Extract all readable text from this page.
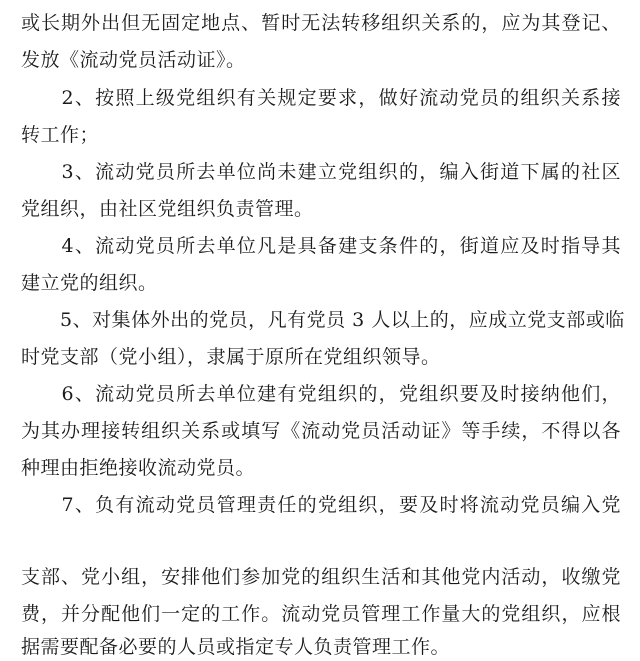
或长期外出但无固定地点、暂时无法转移组织关系的，应为其登记、
发放《流动党员活动证》。
　　2、按照上级党组织有关规定要求，做好流动党员的组织关系接
转工作；
　　3、流动党员所去单位尚未建立党组织的，编入街道下属的社区
党组织，由社区党组织负责管理。
　　4、流动党员所去单位凡是具备建支条件的，街道应及时指导其
建立党的组织。
　　5、对集体外出的党员，凡有党员 3 人以上的，应成立党支部或临
时党支部（党小组），隶属于原所在党组织领导。
　　6、流动党员所去单位建有党组织的，党组织要及时接纳他们，
为其办理接转组织关系或填写《流动党员活动证》等手续，不得以各
种理由拒绝接收流动党员。
　　7、负有流动党员管理责任的党组织，要及时将流动党员编入党
支部、党小组，安排他们参加党的组织生活和其他党内活动，收缴党
费，并分配他们一定的工作。流动党员管理工作量大的党组织，应根
据需要配备必要的人员或指定专人负责管理工作。
